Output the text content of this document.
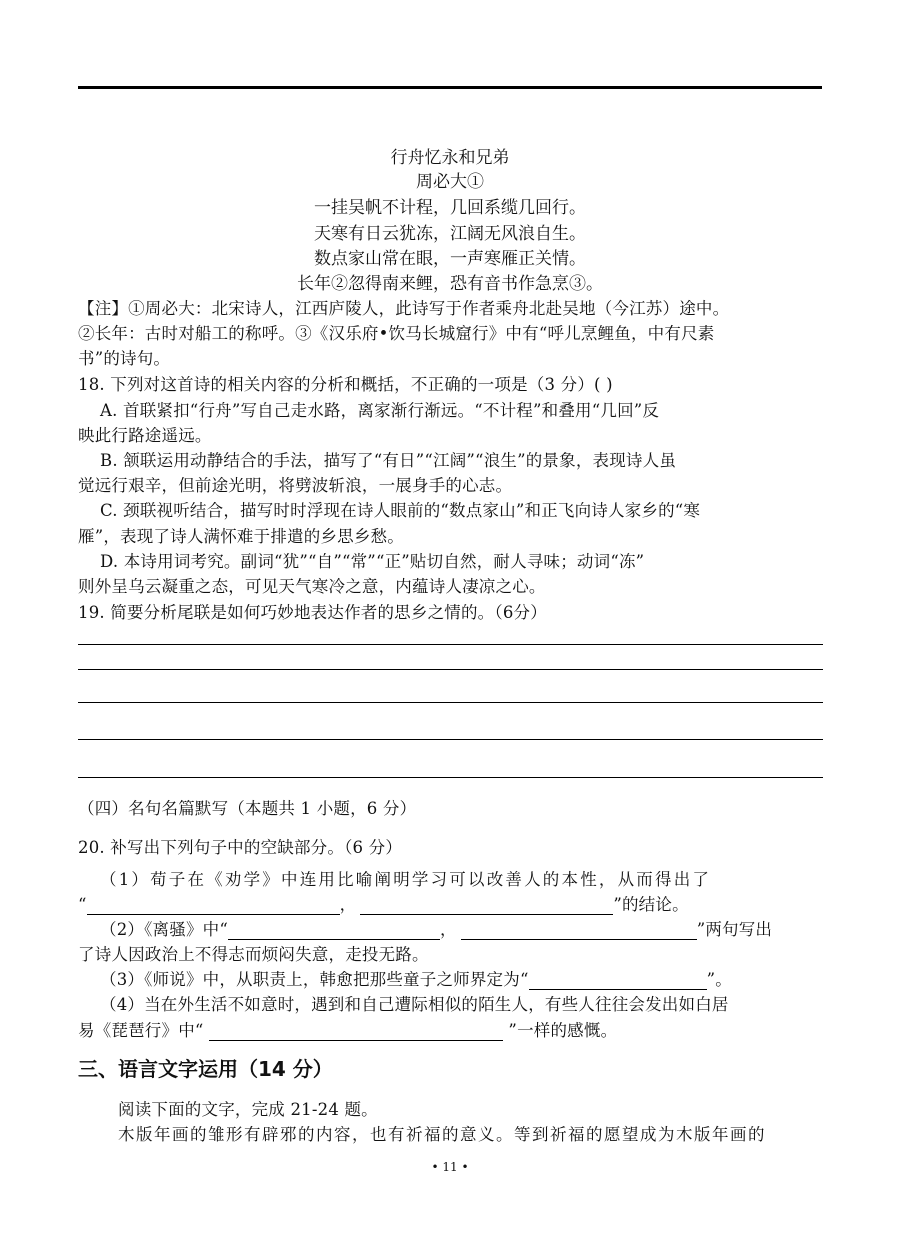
行舟忆永和兄弟
周必大①
一挂吴帆不计程，几回系缆几回行。
天寒有日云犹冻，江阔无风浪自生。
数点家山常在眼，一声寒雁正关情。
长年②忽得南来鲤，恐有音书作急烹③。
【注】①周必大：北宋诗人，江西庐陵人，此诗写于作者乘舟北赴吴地（今江苏）途中。
②长年：古时对船工的称呼。③《汉乐府•饮马长城窟行》中有“呼儿烹鲤鱼，中有尺素
书”的诗句。
18. 下列对这首诗的相关内容的分析和概括，不正确的一项是（3 分）( )
A. 首联紧扣“行舟”写自己走水路，离家渐行渐远。“不计程”和叠用“几回”反
映此行路途遥远。
B. 颔联运用动静结合的手法，描写了“有日”“江阔”“浪生”的景象，表现诗人虽
觉远行艰辛，但前途光明，将劈波斩浪，一展身手的心志。
C. 颈联视听结合，描写时时浮现在诗人眼前的“数点家山”和正飞向诗人家乡的“寒
雁”，表现了诗人满怀难于排遣的乡思乡愁。
D. 本诗用词考究。副词“犹”“自”“常”“正”贴切自然，耐人寻味；动词“冻”
则外呈乌云凝重之态，可见天气寒冷之意，内蕴诗人凄凉之心。
19. 简要分析尾联是如何巧妙地表达作者的思乡之情的。（6分）
（四）名句名篇默写（本题共 1 小题，6 分）
20. 补写出下列句子中的空缺部分。（6 分）
（1）荀子在《劝学》中连用比喻阐明学习可以改善人的本性，从而得出了
“	，	”的结论。
（2）《离骚》中“	，	”两句写出
了诗人因政治上不得志而烦闷失意，走投无路。
（3）《师说》中，从职责上，韩愈把那些童子之师界定为“	”。
（4）当在外生活不如意时，遇到和自己遭际相似的陌生人，有些人往往会发出如白居
易《琵琶行》中“	”一样的感慨。
三、语言文字运用（14 分）
阅读下面的文字，完成 21-24 题。
木版年画的雏形有辟邪的内容，也有祈福的意义。等到祈福的愿望成为木版年画的
• 11 •
